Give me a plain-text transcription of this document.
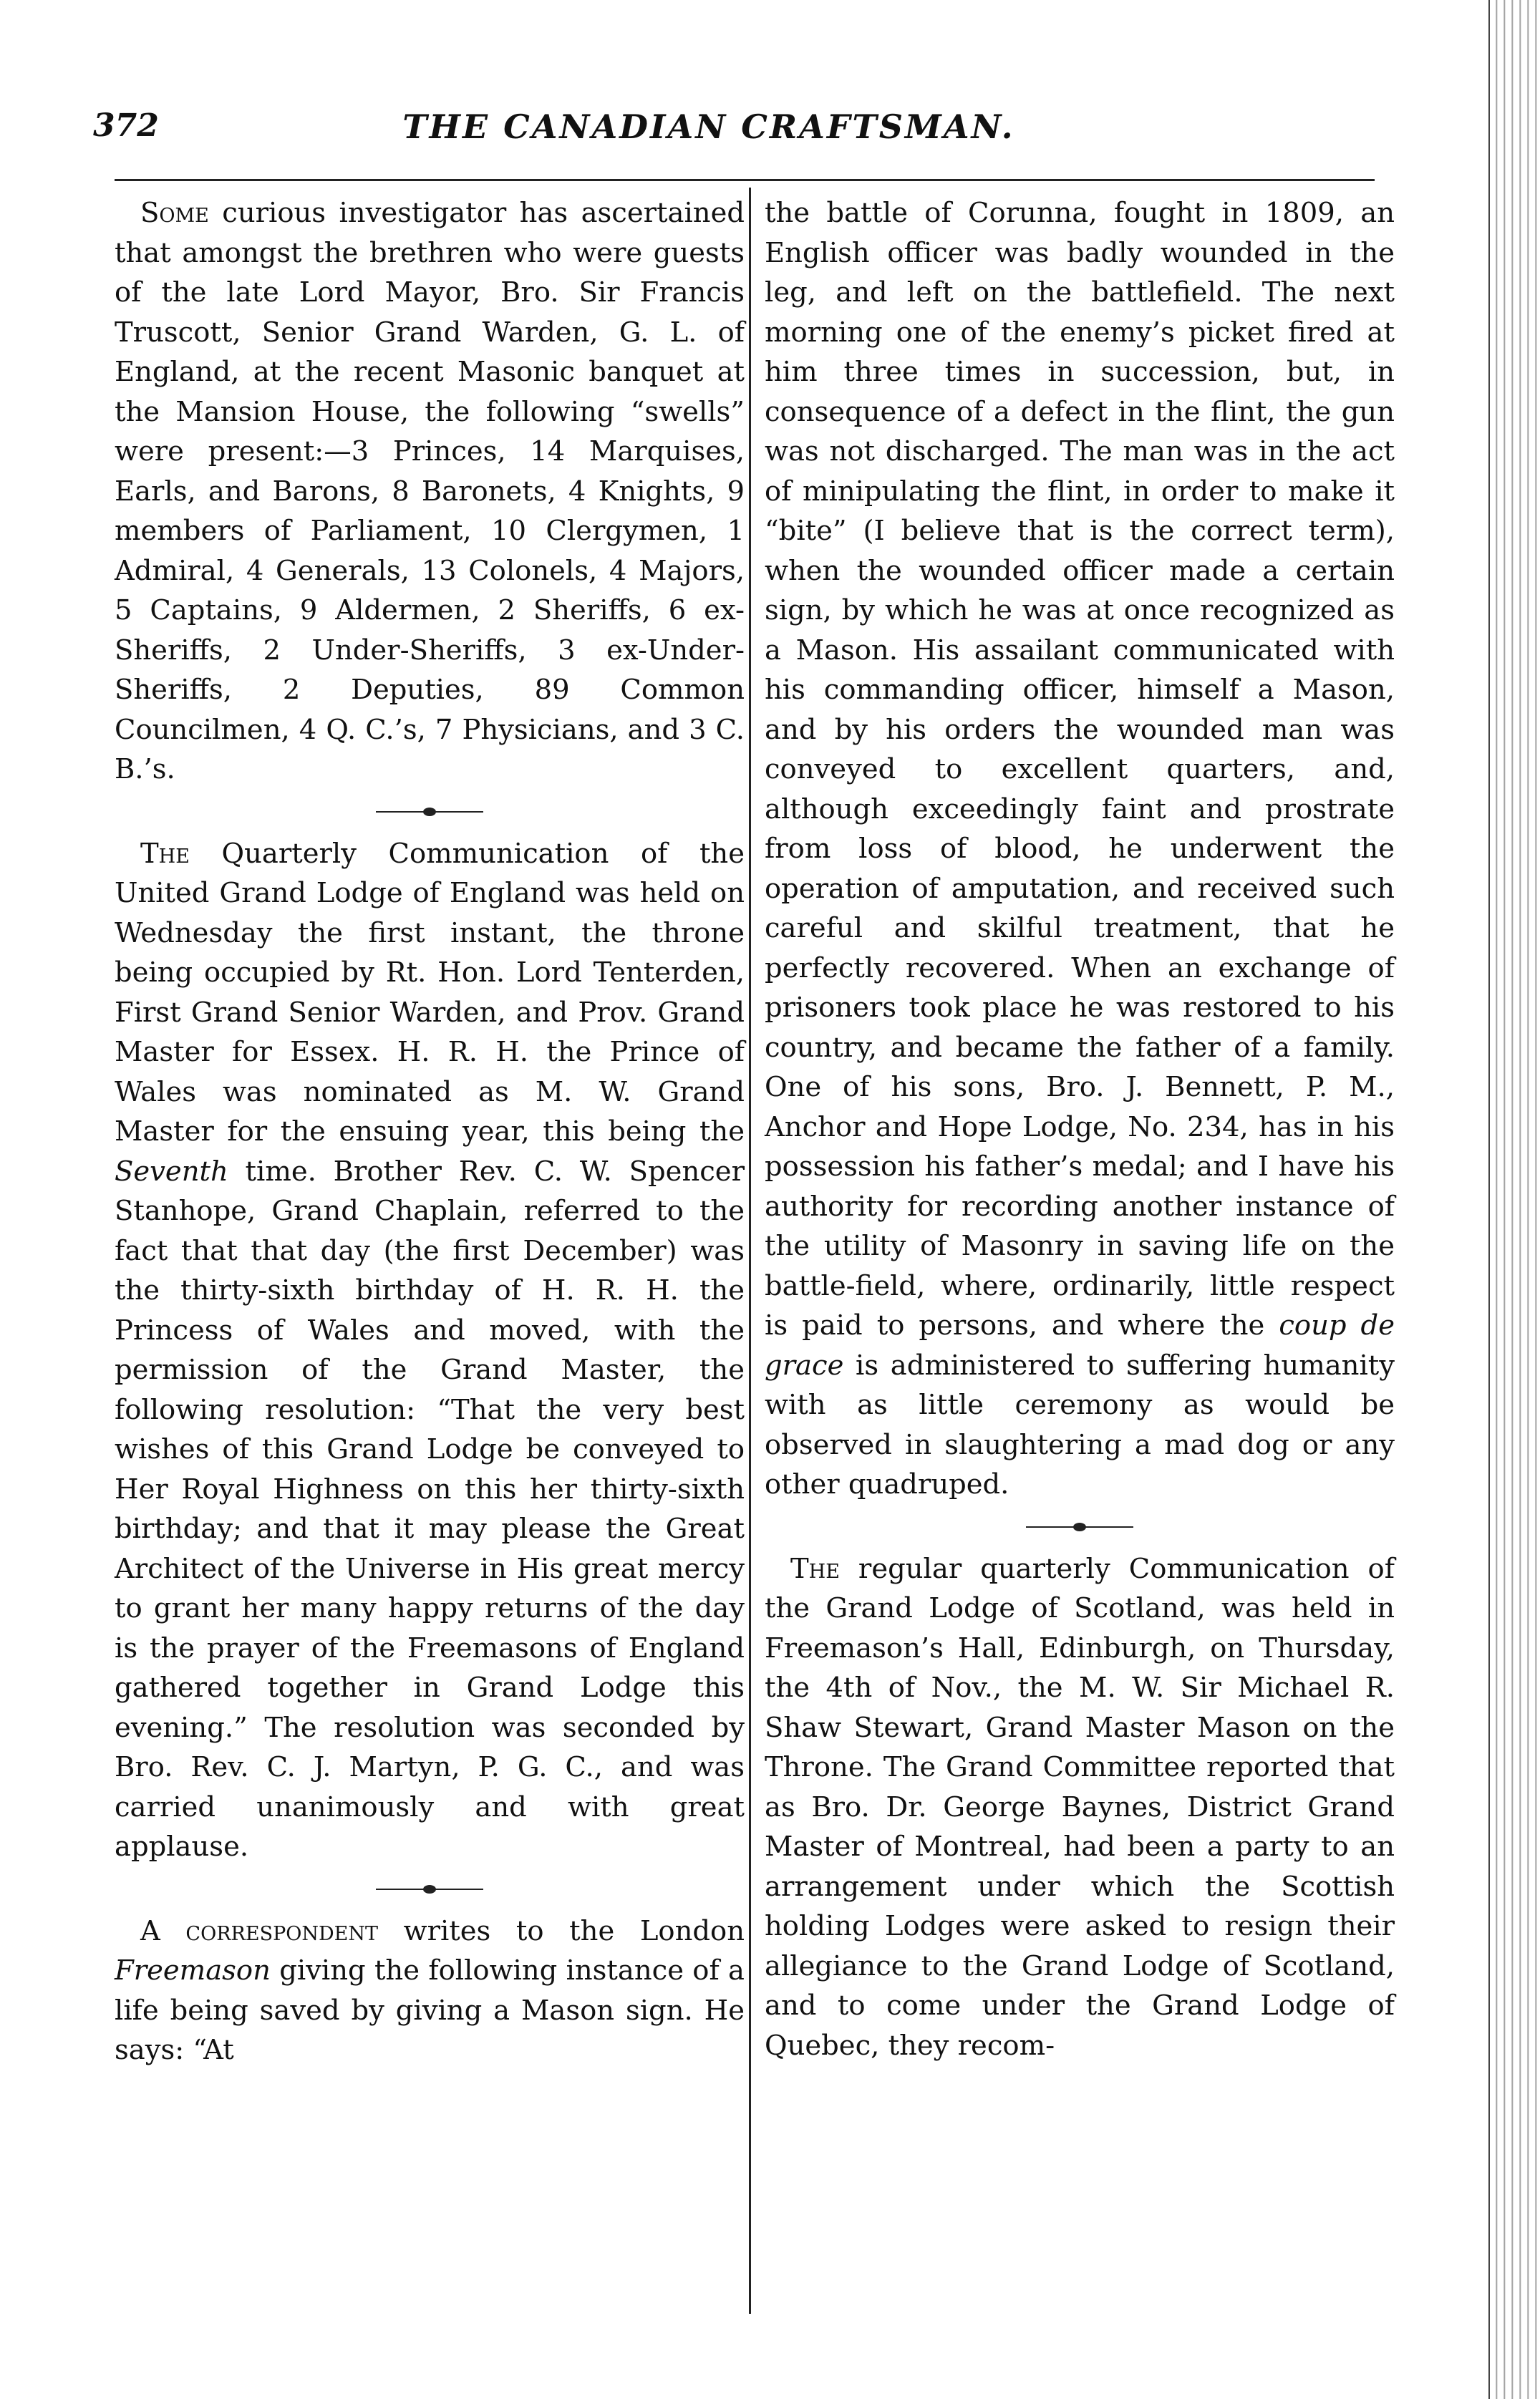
372	THE CANADIAN CRAFTSMAN.

Some curious investigator has ascertained that amongst the brethren who were guests of the late Lord Mayor, Bro. Sir Francis Truscott, Senior Grand Warden, G. L. of England, at the recent Masonic banquet at the Mansion House, the following “swells” were present:—3 Princes, 14 Marquises, Earls, and Barons, 8 Baronets, 4 Knights, 9 members of Parliament, 10 Clergymen, 1 Admiral, 4 Generals, 13 Colonels, 4 Majors, 5 Captains, 9 Aldermen, 2 Sheriffs, 6 ex-Sheriffs, 2 Under-Sheriffs, 3 ex-Under-Sheriffs, 2 Deputies, 89 Common Councilmen, 4 Q. C.’s, 7 Physicians, and 3 C. B.’s.

The Quarterly Communication of the United Grand Lodge of England was held on Wednesday the first instant, the throne being occupied by Rt. Hon. Lord Tenterden, First Grand Senior Warden, and Prov. Grand Master for Essex. H. R. H. the Prince of Wales was nominated as M. W. Grand Master for the ensuing year, this being the Seventh time. Brother Rev. C. W. Spencer Stanhope, Grand Chaplain, referred to the fact that that day (the first December) was the thirty-sixth birthday of H. R. H. the Princess of Wales and moved, with the permission of the Grand Master, the following resolution: “That the very best wishes of this Grand Lodge be conveyed to Her Royal Highness on this her thirty-sixth birthday; and that it may please the Great Architect of the Universe in His great mercy to grant her many happy returns of the day is the prayer of the Freemasons of England gathered together in Grand Lodge this evening.” The resolution was seconded by Bro. Rev. C. J. Martyn, P. G. C., and was carried unanimously and with great applause.

A correspondent writes to the London Freemason giving the following instance of a life being saved by giving a Mason sign. He says: “At

the battle of Corunna, fought in 1809, an English officer was badly wounded in the leg, and left on the battlefield. The next morning one of the enemy’s picket fired at him three times in succession, but, in consequence of a defect in the flint, the gun was not discharged. The man was in the act of minipulating the flint, in order to make it “bite” (I believe that is the correct term), when the wounded officer made a certain sign, by which he was at once recognized as a Mason. His assailant communicated with his commanding officer, himself a Mason, and by his orders the wounded man was conveyed to excellent quarters, and, although exceedingly faint and prostrate from loss of blood, he underwent the operation of amputation, and received such careful and skilful treatment, that he perfectly recovered. When an exchange of prisoners took place he was restored to his country, and became the father of a family. One of his sons, Bro. J. Bennett, P. M., Anchor and Hope Lodge, No. 234, has in his possession his father’s medal; and I have his authority for recording another instance of the utility of Masonry in saving life on the battle-field, where, ordinarily, little respect is paid to persons, and where the coup de grace is administered to suffering humanity with as little ceremony as would be observed in slaughtering a mad dog or any other quadruped.

The regular quarterly Communication of the Grand Lodge of Scotland, was held in Freemason’s Hall, Edinburgh, on Thursday, the 4th of Nov., the M. W. Sir Michael R. Shaw Stewart, Grand Master Mason on the Throne. The Grand Committee reported that as Bro. Dr. George Baynes, District Grand Master of Montreal, had been a party to an arrangement under which the Scottish holding Lodges were asked to resign their allegiance to the Grand Lodge of Scotland, and to come under the Grand Lodge of Quebec, they recom-
